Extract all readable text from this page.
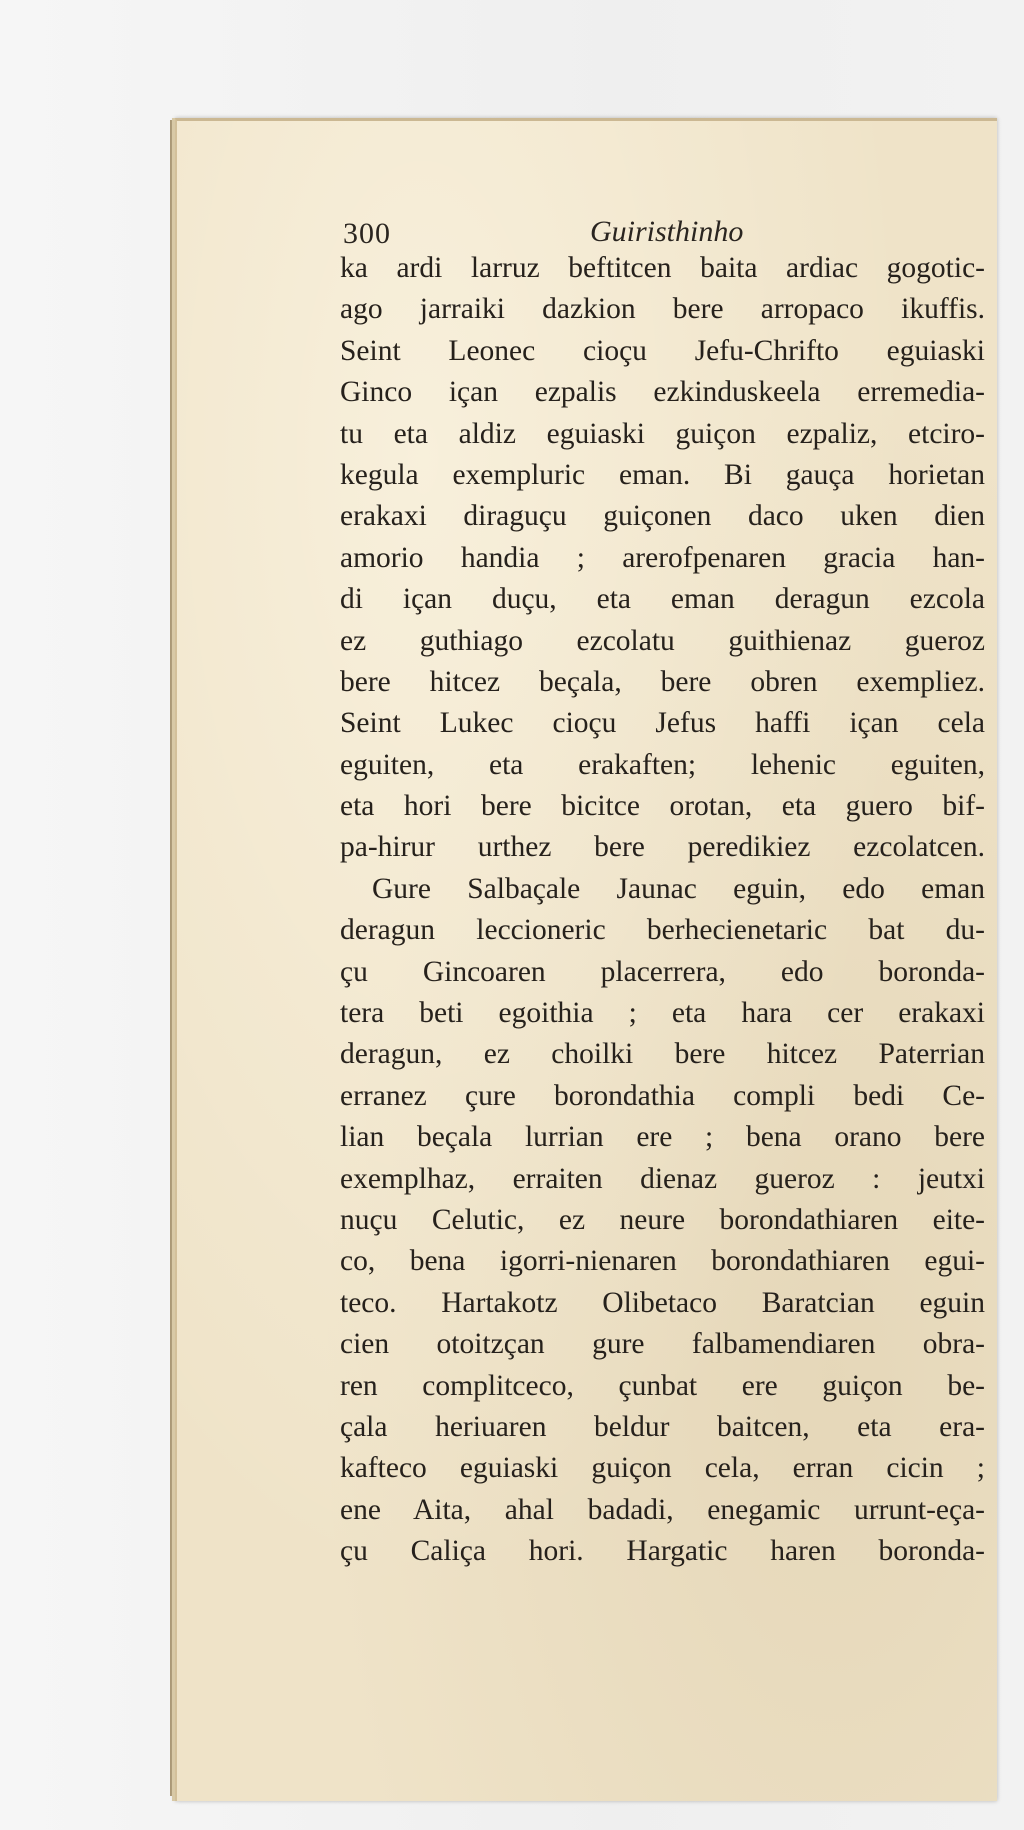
300	Guiristhinho
ka ardi larruz beftitcen baita ardiac gogotic-
ago jarraiki dazkion bere arropaco ikuffis.
Seint Leonec cioçu Jefu-Chrifto eguiaski
Ginco içan ezpalis ezkinduskeela erremedia-
tu eta aldiz eguiaski guiçon ezpaliz, etciro-
kegula exempluric eman. Bi gauça horietan
erakaxi diraguçu guiçonen daco uken dien
amorio handia ; arerofpenaren gracia han-
di içan duçu, eta eman deragun ezcola
ez guthiago ezcolatu guithienaz gueroz
bere hitcez beçala, bere obren exempliez.
Seint Lukec cioçu Jefus haffi içan cela
eguiten, eta erakaften; lehenic eguiten,
eta hori bere bicitce orotan, eta guero bif-
pa-hirur urthez bere peredikiez ezcolatcen.
Gure Salbaçale Jaunac eguin, edo eman
deragun leccioneric berhecienetaric bat du-
çu Gincoaren placerrera, edo boronda-
tera beti egoithia ; eta hara cer erakaxi
deragun, ez choilki bere hitcez Paterrian
erranez çure borondathia compli bedi Ce-
lian beçala lurrian ere ; bena orano bere
exemplhaz, erraiten dienaz gueroz : jeutxi
nuçu Celutic, ez neure borondathiaren eite-
co, bena igorri-nienaren borondathiaren egui-
teco. Hartakotz Olibetaco Baratcian eguin
cien otoitzçan gure falbamendiaren obra-
ren complitceco, çunbat ere guiçon be-
çala heriuaren beldur baitcen, eta era-
kafteco eguiaski guiçon cela, erran cicin ;
ene Aita, ahal badadi, enegamic urrunt-eça-
çu Caliça hori. Hargatic haren boronda-
